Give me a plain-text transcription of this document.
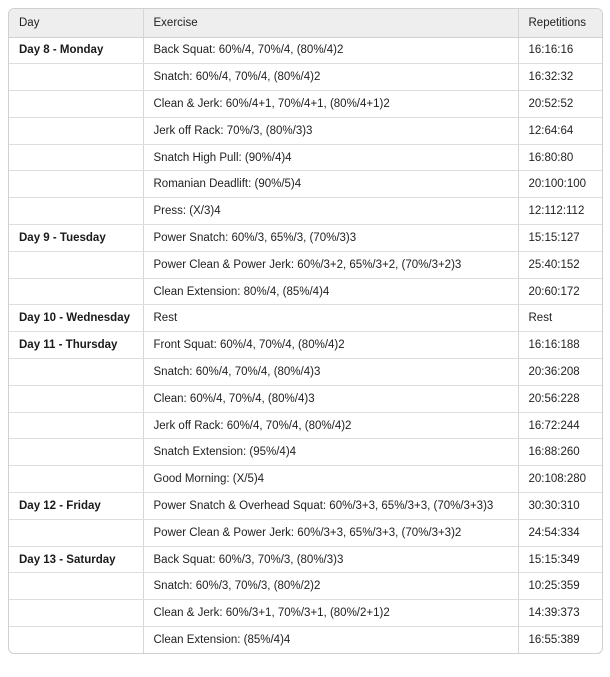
Day	Exercise	Repetitions
Day 8 - Monday	Back Squat: 60%/4, 70%/4, (80%/4)2	16:16:16
	Snatch: 60%/4, 70%/4, (80%/4)2	16:32:32
	Clean & Jerk: 60%/4+1, 70%/4+1, (80%/4+1)2	20:52:52
	Jerk off Rack: 70%/3, (80%/3)3	12:64:64
	Snatch High Pull: (90%/4)4	16:80:80
	Romanian Deadlift: (90%/5)4	20:100:100
	Press: (X/3)4	12:112:112
Day 9 - Tuesday	Power Snatch: 60%/3, 65%/3, (70%/3)3	15:15:127
	Power Clean & Power Jerk: 60%/3+2, 65%/3+2, (70%/3+2)3	25:40:152
	Clean Extension: 80%/4, (85%/4)4	20:60:172
Day 10 - Wednesday	Rest	Rest
Day 11 - Thursday	Front Squat: 60%/4, 70%/4, (80%/4)2	16:16:188
	Snatch: 60%/4, 70%/4, (80%/4)3	20:36:208
	Clean: 60%/4, 70%/4, (80%/4)3	20:56:228
	Jerk off Rack: 60%/4, 70%/4, (80%/4)2	16:72:244
	Snatch Extension: (95%/4)4	16:88:260
	Good Morning: (X/5)4	20:108:280
Day 12 - Friday	Power Snatch & Overhead Squat: 60%/3+3, 65%/3+3, (70%/3+3)3	30:30:310
	Power Clean & Power Jerk: 60%/3+3, 65%/3+3, (70%/3+3)2	24:54:334
Day 13 - Saturday	Back Squat: 60%/3, 70%/3, (80%/3)3	15:15:349
	Snatch: 60%/3, 70%/3, (80%/2)2	10:25:359
	Clean & Jerk: 60%/3+1, 70%/3+1, (80%/2+1)2	14:39:373
	Clean Extension: (85%/4)4	16:55:389
